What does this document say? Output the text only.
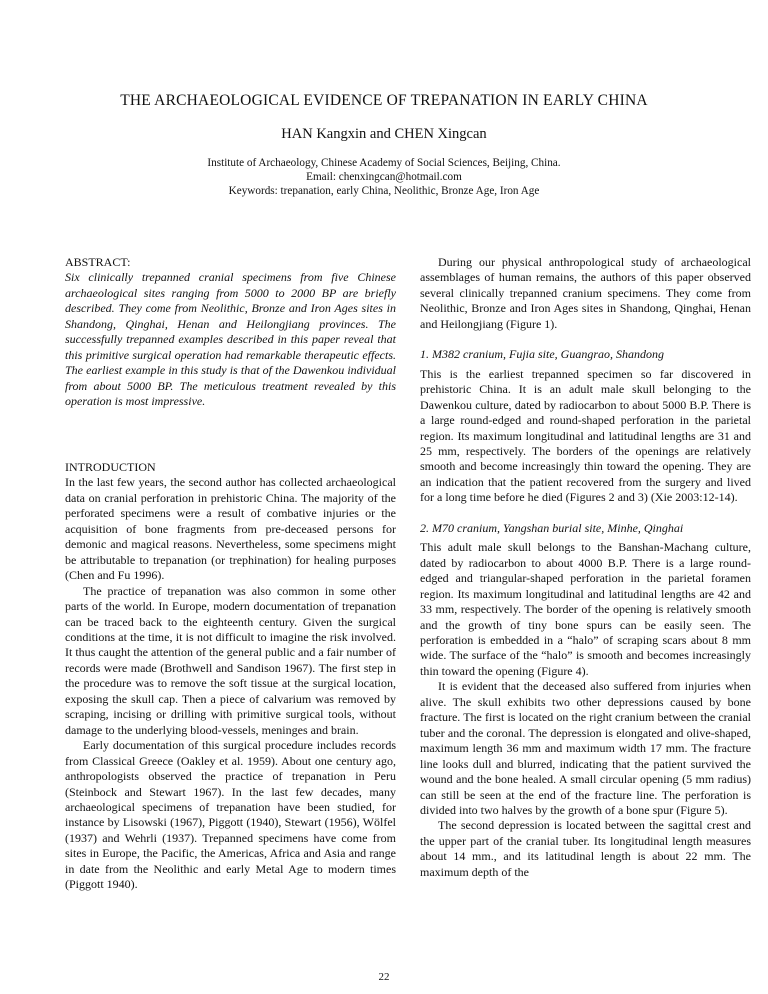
THE ARCHAEOLOGICAL EVIDENCE OF TREPANATION IN EARLY CHINA
HAN Kangxin and CHEN Xingcan
Institute of Archaeology, Chinese Academy of Social Sciences, Beijing, China.
Email: chenxingcan@hotmail.com
Keywords: trepanation, early China, Neolithic, Bronze Age, Iron Age

ABSTRACT:

Six clinically trepanned cranial specimens from five Chinese archaeological sites ranging from 5000 to 2000 BP are briefly described. They come from Neolithic, Bronze and Iron Ages sites in Shandong, Qinghai, Henan and Heilongjiang provinces. The successfully trepanned examples described in this paper reveal that this primitive surgical operation had remarkable therapeutic effects. The earliest example in this study is that of the Dawenkou individual from about 5000 BP. The meticulous treatment revealed by this operation is most impressive.

INTRODUCTION

In the last few years, the second author has collected archaeological data on cranial perforation in prehistoric China. The majority of the perforated specimens were a result of combative injuries or the acquisition of bone fragments from pre-deceased persons for demonic and magical reasons. Nevertheless, some specimens might be attributable to trepanation (or trephination) for healing purposes (Chen and Fu 1996).

The practice of trepanation was also common in some other parts of the world. In Europe, modern documentation of trepanation can be traced back to the eighteenth century. Given the surgical conditions at the time, it is not difficult to imagine the risk involved. It thus caught the attention of the general public and a fair number of records were made (Brothwell and Sandison 1967). The first step in the procedure was to remove the soft tissue at the surgical location, exposing the skull cap. Then a piece of calvarium was removed by scraping, incising or drilling with primitive surgical tools, without damage to the underlying blood-vessels, meninges and brain.

Early documentation of this surgical procedure includes records from Classical Greece (Oakley et al. 1959). About one century ago, anthropologists observed the practice of trepanation in Peru (Steinbock and Stewart 1967). In the last few decades, many archaeological specimens of trepanation have been studied, for instance by Lisowski (1967), Piggott (1940), Stewart (1956), Wölfel (1937) and Wehrli (1937). Trepanned specimens have come from sites in Europe, the Pacific, the Americas, Africa and Asia and range in date from the Neolithic and early Metal Age to modern times (Piggott 1940).

During our physical anthropological study of archaeological assemblages of human remains, the authors of this paper observed several clinically trepanned cranium specimens. They come from Neolithic, Bronze and Iron Ages sites in Shandong, Qinghai, Henan and Heilongjiang (Figure 1).

1. M382 cranium, Fujia site, Guangrao, Shandong

This is the earliest trepanned specimen so far discovered in prehistoric China. It is an adult male skull belonging to the Dawenkou culture, dated by radiocarbon to about 5000 B.P. There is a large round-edged and round-shaped perforation in the parietal region. Its maximum longitudinal and latitudinal lengths are 31 and 25 mm, respectively. The borders of the openings are relatively smooth and become increasingly thin toward the opening. They are an indication that the patient recovered from the surgery and lived for a long time before he died (Figures 2 and 3) (Xie 2003:12-14).

2. M70 cranium, Yangshan burial site, Minhe, Qinghai

This adult male skull belongs to the Banshan-Machang culture, dated by radiocarbon to about 4000 B.P. There is a large round-edged and triangular-shaped perforation in the parietal foramen region. Its maximum longitudinal and latitudinal lengths are 42 and 33 mm, respectively. The border of the opening is relatively smooth and the growth of tiny bone spurs can be easily seen. The perforation is embedded in a “halo” of scraping scars about 8 mm wide. The surface of the “halo” is smooth and becomes increasingly thin toward the opening (Figure 4).

It is evident that the deceased also suffered from injuries when alive. The skull exhibits two other depressions caused by bone fracture. The first is located on the right cranium between the cranial tuber and the coronal. The depression is elongated and olive-shaped, maximum length 36 mm and maximum width 17 mm. The fracture line looks dull and blurred, indicating that the patient survived the wound and the bone healed. A small circular opening (5 mm radius) can still be seen at the end of the fracture line. The perforation is divided into two halves by the growth of a bone spur (Figure 5).

The second depression is located between the sagittal crest and the upper part of the cranial tuber. Its longitudinal length measures about 14 mm., and its latitudinal length is about 22 mm. The maximum depth of the

22
